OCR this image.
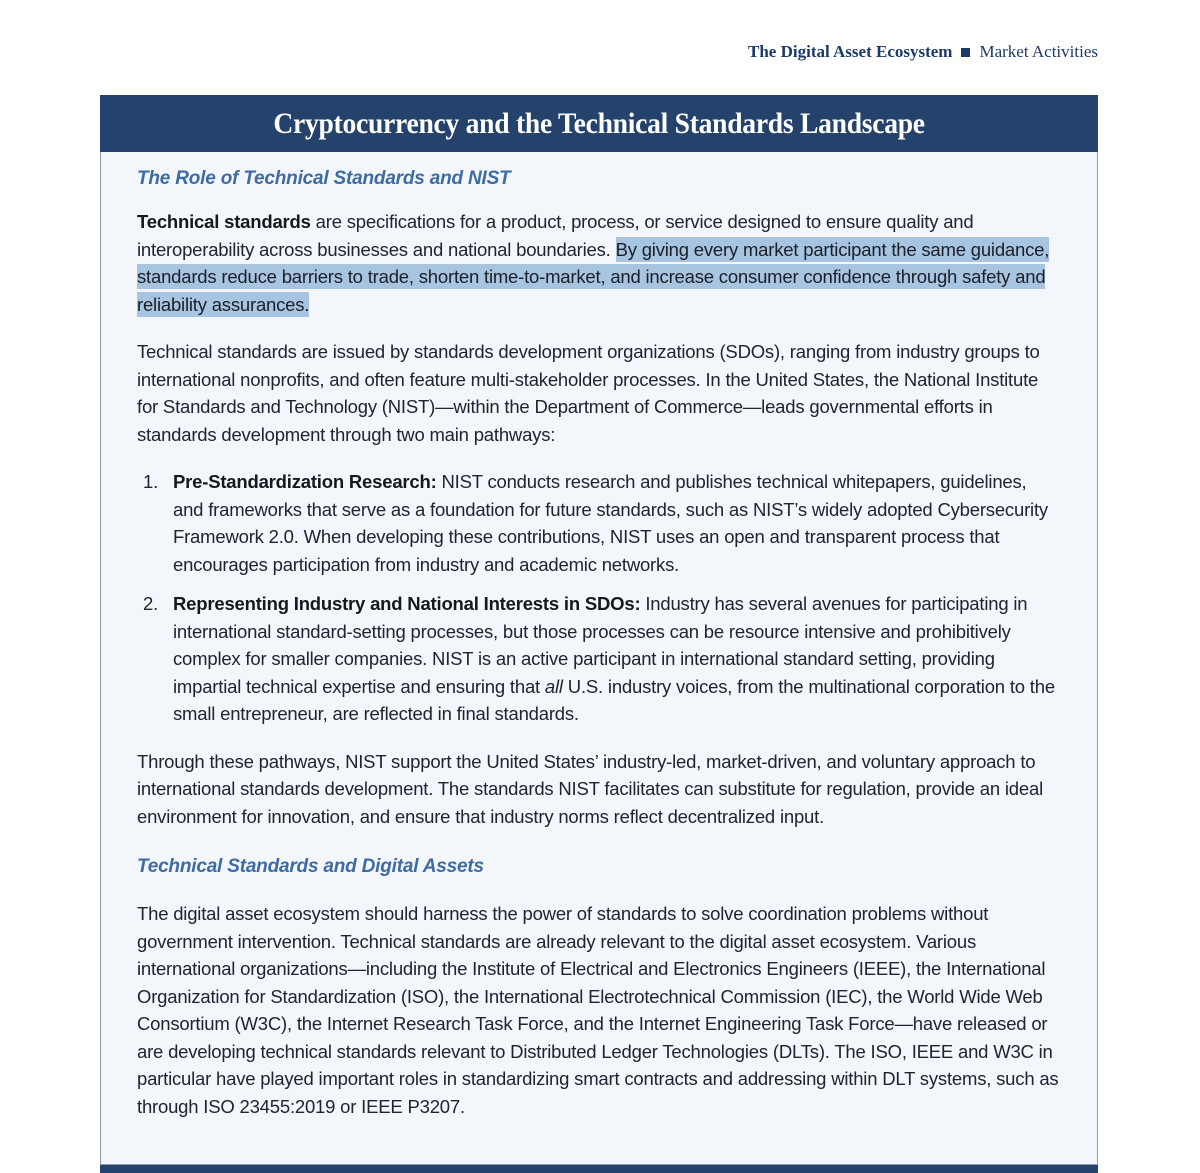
The Digital Asset Ecosystem Market Activities
Cryptocurrency and the Technical Standards Landscape
The Role of Technical Standards and NIST

Technical standards are specifications for a product, process, or service designed to ensure quality and interoperability across businesses and national boundaries. By giving every market participant the same guidance, standards reduce barriers to trade, shorten time-to-market, and increase consumer confidence through safety and reliability assurances.

Technical standards are issued by standards development organizations (SDOs), ranging from industry groups to international nonprofits, and often feature multi-stakeholder processes. In the United States, the National Institute for Standards and Technology (NIST)—within the Department of Commerce—leads governmental efforts in standards development through two main pathways:

1. Pre-Standardization Research: NIST conducts research and publishes technical whitepapers, guidelines, and frameworks that serve as a foundation for future standards, such as NIST’s widely adopted Cybersecurity Framework 2.0. When developing these contributions, NIST uses an open and transparent process that encourages participation from industry and academic networks.
2. Representing Industry and National Interests in SDOs: Industry has several avenues for participating in international standard-setting processes, but those processes can be resource intensive and prohibitively complex for smaller companies. NIST is an active participant in international standard setting, providing impartial technical expertise and ensuring that all U.S. industry voices, from the multinational corporation to the small entrepreneur, are reflected in final standards.

Through these pathways, NIST support the United States’ industry-led, market-driven, and voluntary approach to international standards development. The standards NIST facilitates can substitute for regulation, provide an ideal environment for innovation, and ensure that industry norms reflect decentralized input.

Technical Standards and Digital Assets

The digital asset ecosystem should harness the power of standards to solve coordination problems without government intervention. Technical standards are already relevant to the digital asset ecosystem. Various international organizations—including the Institute of Electrical and Electronics Engineers (IEEE), the International Organization for Standardization (ISO), the International Electrotechnical Commission (IEC), the World Wide Web Consortium (W3C), the Internet Research Task Force, and the Internet Engineering Task Force—have released or are developing technical standards relevant to Distributed Ledger Technologies (DLTs). The ISO, IEEE and W3C in particular have played important roles in standardizing smart contracts and addressing within DLT systems, such as through ISO 23455:2019 or IEEE P3207.
